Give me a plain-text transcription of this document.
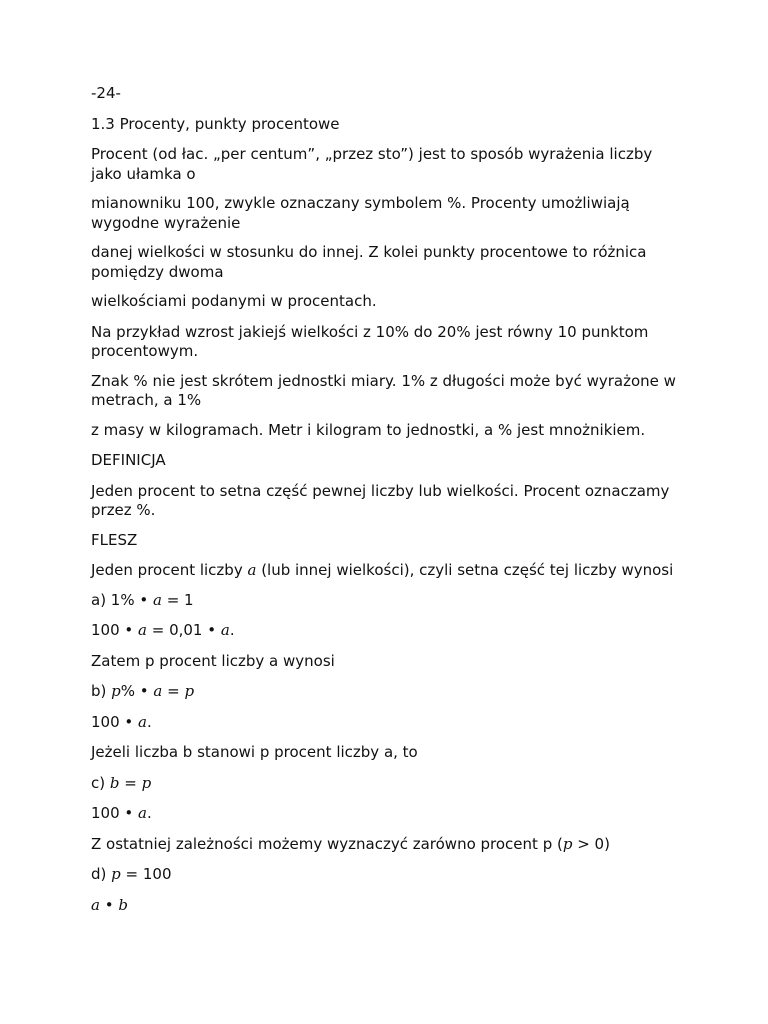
-24-

1.3 Procenty, punkty procentowe

Procent (od łac. „per centum”, „przez sto”) jest to sposób wyrażenia liczby jako ułamka o

mianowniku 100, zwykle oznaczany symbolem %. Procenty umożliwiają wygodne wyrażenie

danej wielkości w stosunku do innej. Z kolei punkty procentowe to różnica pomiędzy dwoma

wielkościami podanymi w procentach.

Na przykład wzrost jakiejś wielkości z 10% do 20% jest równy 10 punktom procentowym.

Znak % nie jest skrótem jednostki miary. 1% z długości może być wyrażone w metrach, a 1%

z masy w kilogramach. Metr i kilogram to jednostki, a % jest mnożnikiem.

DEFINICJA

Jeden procent to setna część pewnej liczby lub wielkości. Procent oznaczamy przez %.

FLESZ

Jeden procent liczby a (lub innej wielkości), czyli setna część tej liczby wynosi

a) 1% • a = 1

100 • a = 0,01 • a.

Zatem p procent liczby a wynosi

b) p% • a = p

100 • a.

Jeżeli liczba b stanowi p procent liczby a, to

c) b = p

100 • a.

Z ostatniej zależności możemy wyznaczyć zarówno procent p (p > 0)

d) p = 100

a • b
